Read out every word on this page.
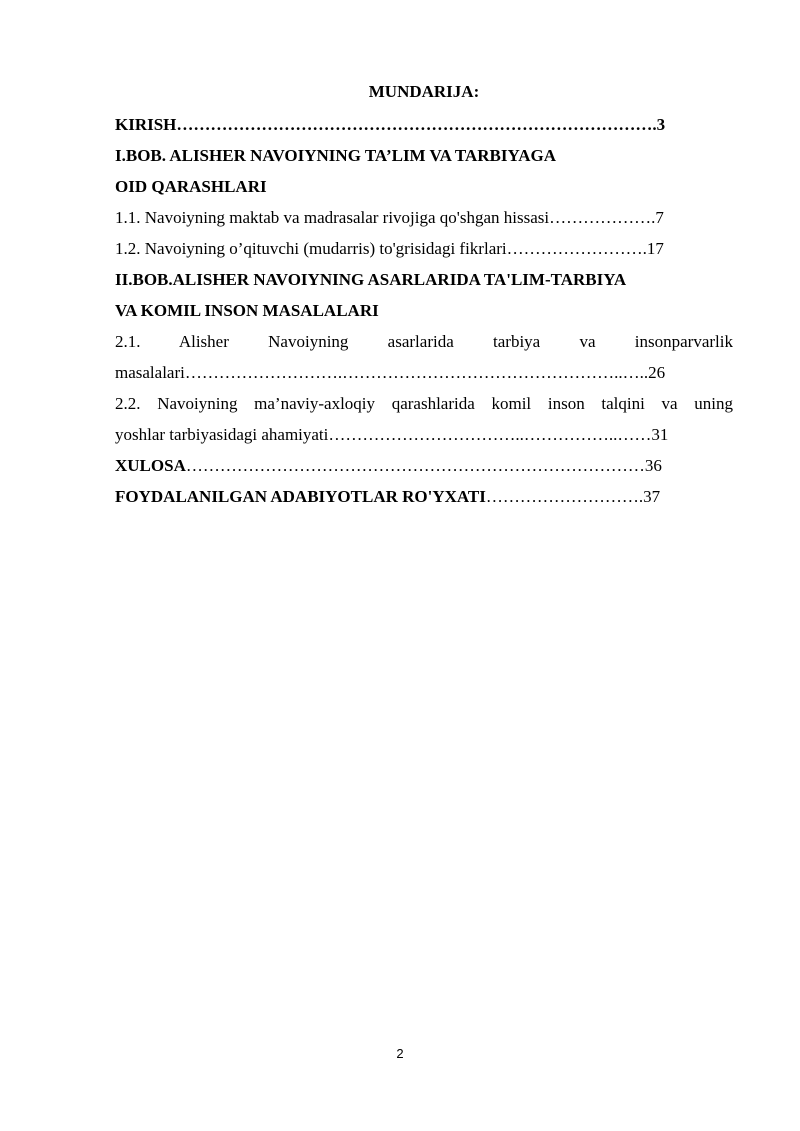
MUNDARIJA:
KIRISH………………………………………………………………………….3
I.BOB. ALISHER NAVOIYNING TA’LIM VA TARBIYAGA
OID QARASHLARI
1.1. Navoiyning maktab va madrasalar rivojiga qo'shgan hissasi……………….7
1.2. Navoiyning o’qituvchi (mudarris) to'grisidagi fikrlari…………………….17
II.BOB.ALISHER NAVOIYNING ASARLARIDA TA'LIM-TARBIYA
VA KOMIL INSON MASALALARI
2.1. Alisher Navoiyning asarlarida tarbiya va insonparvarlik
masalalari……………………….…………………………………………..…..26
2.2. Navoiyning ma’naviy-axloqiy qarashlarida komil inson talqini va uning
yoshlar tarbiyasidagi ahamiyati……………………………..……………..……31
XULOSA………………………………………………………………………36
FOYDALANILGAN ADABIYOTLAR RO'YXATI……………………….37
2
